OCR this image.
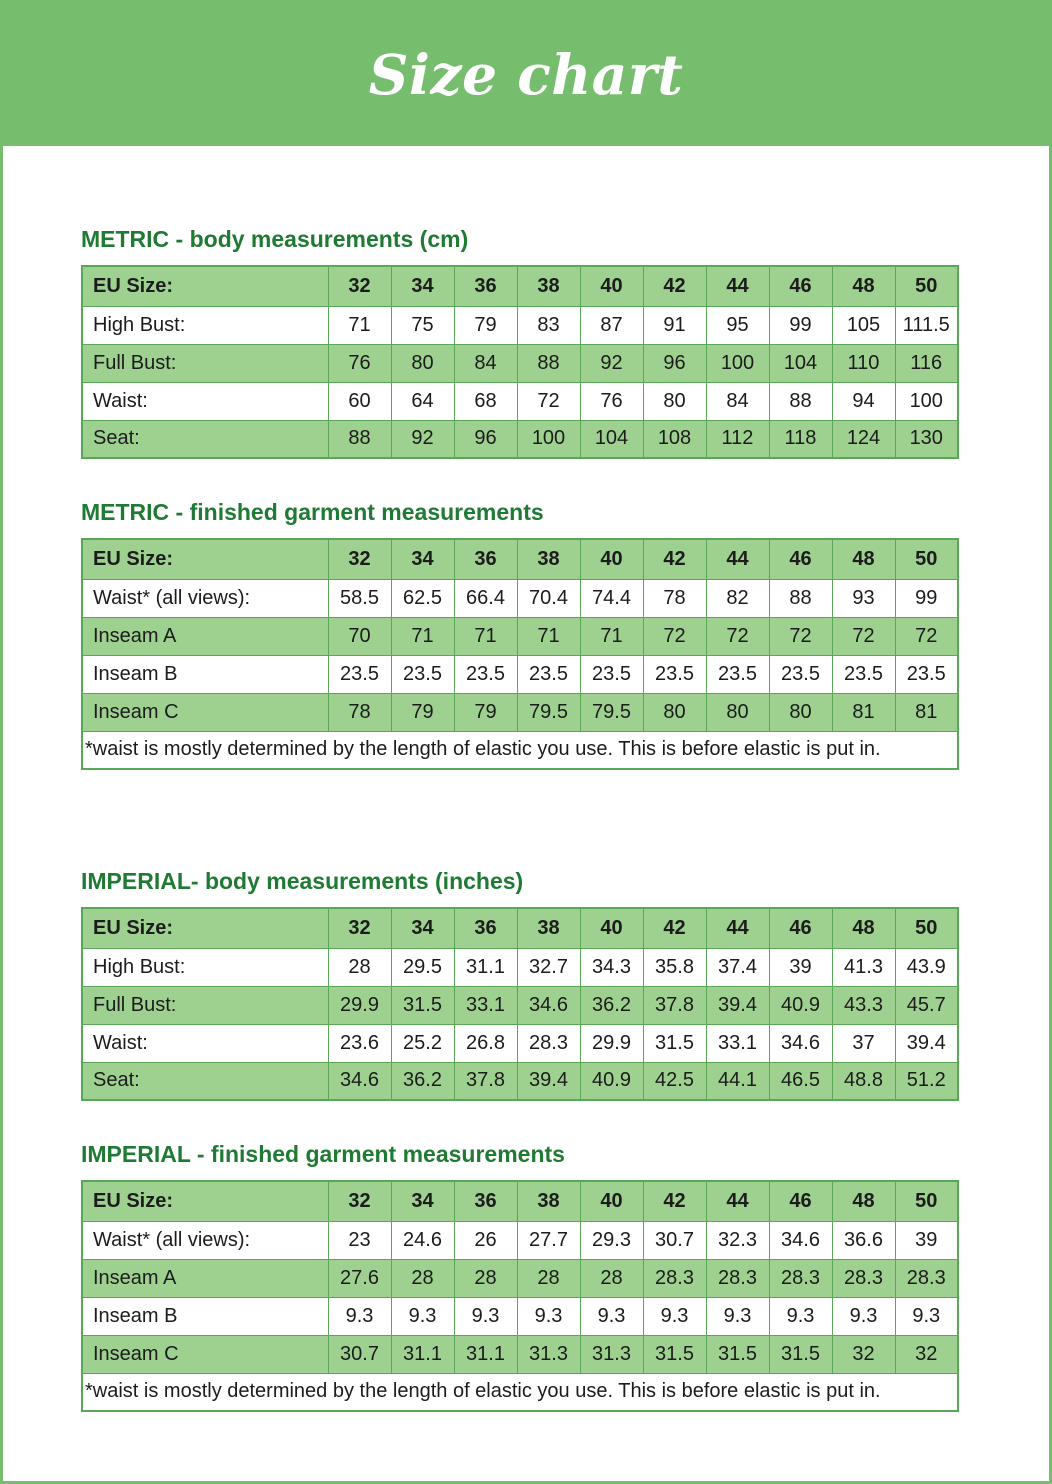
Size chart
METRIC - body measurements (cm)
EU Size:	32	34	36	38	40	42	44	46	48	50
High Bust:	71	75	79	83	87	91	95	99	105	111.5
Full Bust:	76	80	84	88	92	96	100	104	110	116
Waist:	60	64	68	72	76	80	84	88	94	100
Seat:	88	92	96	100	104	108	112	118	124	130
METRIC - finished garment measurements
EU Size:	32	34	36	38	40	42	44	46	48	50
Waist* (all views):	58.5	62.5	66.4	70.4	74.4	78	82	88	93	99
Inseam A	70	71	71	71	71	72	72	72	72	72
Inseam B	23.5	23.5	23.5	23.5	23.5	23.5	23.5	23.5	23.5	23.5
Inseam C	78	79	79	79.5	79.5	80	80	80	81	81
*waist is mostly determined by the length of elastic you use. This is before elastic is put in.										
IMPERIAL- body measurements (inches)
EU Size:	32	34	36	38	40	42	44	46	48	50
High Bust:	28	29.5	31.1	32.7	34.3	35.8	37.4	39	41.3	43.9
Full Bust:	29.9	31.5	33.1	34.6	36.2	37.8	39.4	40.9	43.3	45.7
Waist:	23.6	25.2	26.8	28.3	29.9	31.5	33.1	34.6	37	39.4
Seat:	34.6	36.2	37.8	39.4	40.9	42.5	44.1	46.5	48.8	51.2
IMPERIAL - finished garment measurements
EU Size:	32	34	36	38	40	42	44	46	48	50
Waist* (all views):	23	24.6	26	27.7	29.3	30.7	32.3	34.6	36.6	39
Inseam A	27.6	28	28	28	28	28.3	28.3	28.3	28.3	28.3
Inseam B	9.3	9.3	9.3	9.3	9.3	9.3	9.3	9.3	9.3	9.3
Inseam C	30.7	31.1	31.1	31.3	31.3	31.5	31.5	31.5	32	32
*waist is mostly determined by the length of elastic you use. This is before elastic is put in.										
